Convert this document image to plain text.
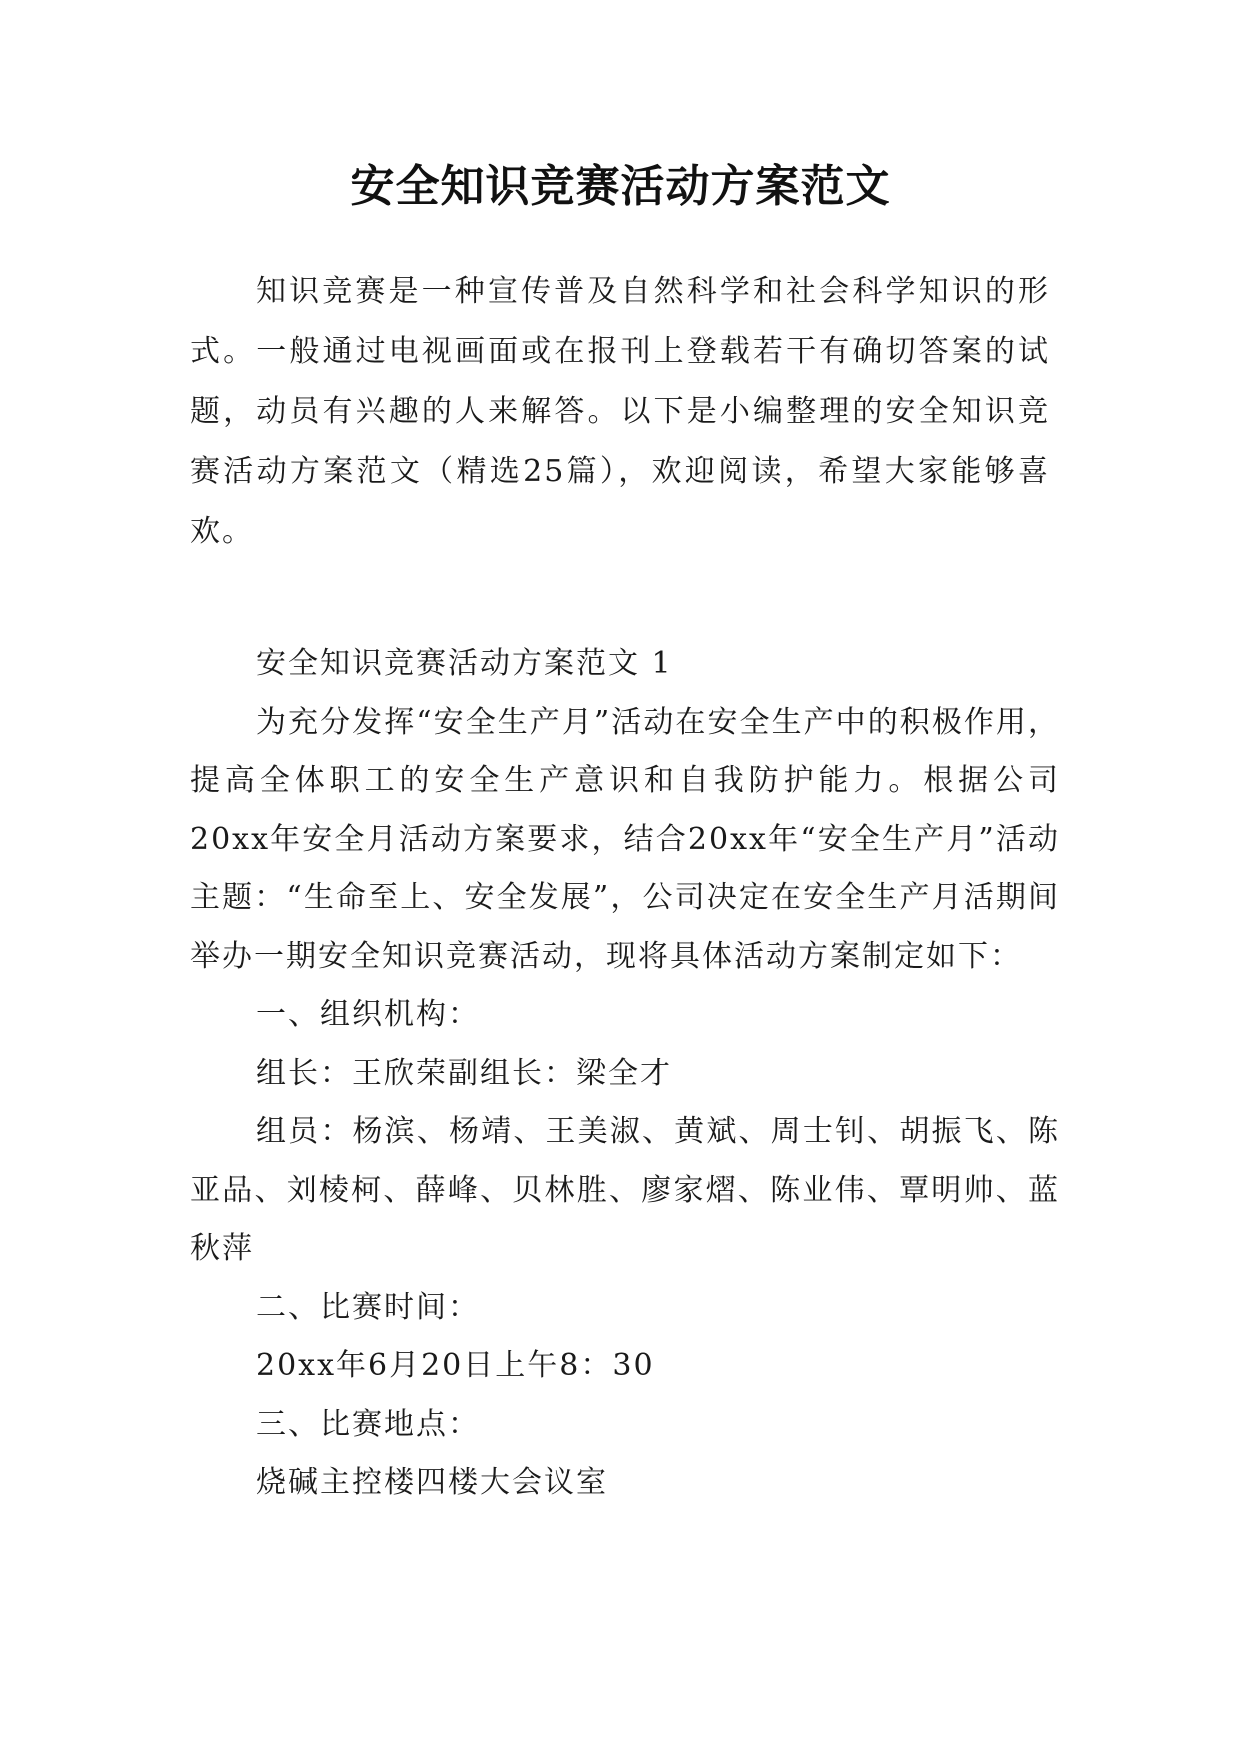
安全知识竞赛活动方案范文

知识竞赛是一种宣传普及自然科学和社会科学知识的形式。一般通过电视画面或在报刊上登载若干有确切答案的试题，动员有兴趣的人来解答。以下是小编整理的安全知识竞赛活动方案范文（精选25篇），欢迎阅读，希望大家能够喜欢。

安全知识竞赛活动方案范文 1

为充分发挥“安全生产月”活动在安全生产中的积极作用，提高全体职工的安全生产意识和自我防护能力。根据公司20xx年安全月活动方案要求，结合20xx年“安全生产月”活动主题：“生命至上、安全发展”，公司决定在安全生产月活期间举办一期安全知识竞赛活动，现将具体活动方案制定如下：

一、组织机构：

组长：王欣荣副组长：梁全才

组员：杨滨、杨靖、王美淑、黄斌、周士钊、胡振飞、陈亚品、刘棱柯、薛峰、贝林胜、廖家熠、陈业伟、覃明帅、蓝秋萍

二、比赛时间：

20xx年6月20日上午8：30

三、比赛地点：

烧碱主控楼四楼大会议室
